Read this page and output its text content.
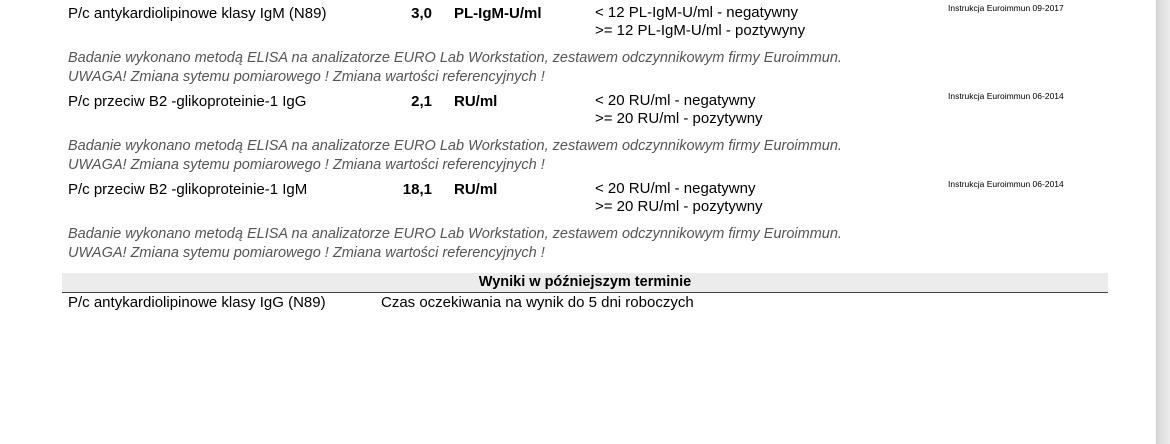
P/c antykardiolipinowe klasy IgM (N89)	3,0 PL-IgM-U/ml	< 12 PL-IgM-U/ml - negatywny
>= 12 PL-IgM-U/ml - poztywyny
Instrukcja Euroimmun 09-2017
Badanie wykonano metodą ELISA na analizatorze EURO Lab Workstation, zestawem odczynnikowym firmy Euroimmun.
UWAGA! Zmiana sytemu pomiarowego ! Zmiana wartości referencyjnych !
P/c przeciw B2 -glikoproteinie-1 IgG	2,1 RU/ml	< 20 RU/ml - negatywny
>= 20 RU/ml - pozytywny
Instrukcja Euroimmun 06-2014
Badanie wykonano metodą ELISA na analizatorze EURO Lab Workstation, zestawem odczynnikowym firmy Euroimmun.
UWAGA! Zmiana sytemu pomiarowego ! Zmiana wartości referencyjnych !
P/c przeciw B2 -glikoproteinie-1 IgM	18,1 RU/ml	< 20 RU/ml - negatywny
>= 20 RU/ml - pozytywny
Instrukcja Euroimmun 06-2014
Badanie wykonano metodą ELISA na analizatorze EURO Lab Workstation, zestawem odczynnikowym firmy Euroimmun.
UWAGA! Zmiana sytemu pomiarowego ! Zmiana wartości referencyjnych !
Wyniki w późniejszym terminie
P/c antykardiolipinowe klasy IgG (N89)	Czas oczekiwania na wynik do 5 dni roboczych
